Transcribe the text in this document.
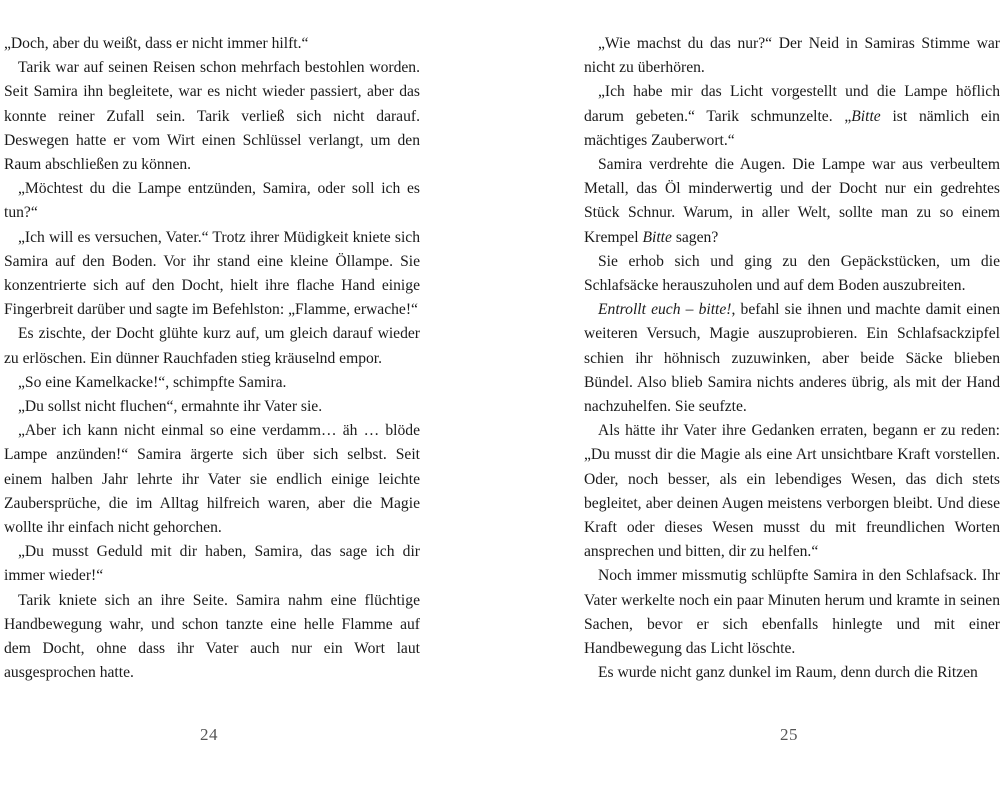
„Doch, aber du weißt, dass er nicht immer hilft.“

Tarik war auf seinen Reisen schon mehrfach bestohlen worden. Seit Samira ihn begleitete, war es nicht wieder passiert, aber das konnte reiner Zufall sein. Tarik verließ sich nicht darauf. Deswegen hatte er vom Wirt einen Schlüssel verlangt, um den Raum abschließen zu können.

„Möchtest du die Lampe entzünden, Samira, oder soll ich es tun?“

„Ich will es versuchen, Vater.“ Trotz ihrer Müdigkeit kniete sich Samira auf den Boden. Vor ihr stand eine kleine Öllampe. Sie konzentrierte sich auf den Docht, hielt ihre flache Hand einige Fingerbreit darüber und sagte im Befehlston: „Flamme, erwache!“

Es zischte, der Docht glühte kurz auf, um gleich darauf wieder zu erlöschen. Ein dünner Rauchfaden stieg kräuselnd empor.

„So eine Kamelkacke!“, schimpfte Samira.

„Du sollst nicht fluchen“, ermahnte ihr Vater sie.

„Aber ich kann nicht einmal so eine verdamm… äh … blöde Lampe anzünden!“ Samira ärgerte sich über sich selbst. Seit einem halben Jahr lehrte ihr Vater sie endlich einige leichte Zaubersprüche, die im Alltag hilfreich waren, aber die Magie wollte ihr einfach nicht gehorchen.

„Du musst Geduld mit dir haben, Samira, das sage ich dir immer wieder!“

Tarik kniete sich an ihre Seite. Samira nahm eine flüchtige Handbewegung wahr, und schon tanzte eine helle Flamme auf dem Docht, ohne dass ihr Vater auch nur ein Wort laut ausgesprochen hatte.

24

„Wie machst du das nur?“ Der Neid in Samiras Stimme war nicht zu überhören.

„Ich habe mir das Licht vorgestellt und die Lampe höflich darum gebeten.“ Tarik schmunzelte. „Bitte ist nämlich ein mächtiges Zauberwort.“

Samira verdrehte die Augen. Die Lampe war aus verbeultem Metall, das Öl minderwertig und der Docht nur ein gedrehtes Stück Schnur. Warum, in aller Welt, sollte man zu so einem Krempel Bitte sagen?

Sie erhob sich und ging zu den Gepäckstücken, um die Schlafsäcke herauszuholen und auf dem Boden auszubreiten.

Entrollt euch – bitte!, befahl sie ihnen und machte damit einen weiteren Versuch, Magie auszuprobieren. Ein Schlafsackzipfel schien ihr höhnisch zuzuwinken, aber beide Säcke blieben Bündel. Also blieb Samira nichts anderes übrig, als mit der Hand nachzuhelfen. Sie seufzte.

Als hätte ihr Vater ihre Gedanken erraten, begann er zu reden: „Du musst dir die Magie als eine Art unsichtbare Kraft vorstellen. Oder, noch besser, als ein lebendiges Wesen, das dich stets begleitet, aber deinen Augen meistens verborgen bleibt. Und diese Kraft oder dieses Wesen musst du mit freundlichen Worten ansprechen und bitten, dir zu helfen.“

Noch immer missmutig schlüpfte Samira in den Schlafsack. Ihr Vater werkelte noch ein paar Minuten herum und kramte in seinen Sachen, bevor er sich ebenfalls hinlegte und mit einer Handbewegung das Licht löschte.

Es wurde nicht ganz dunkel im Raum, denn durch die Ritzen

25
